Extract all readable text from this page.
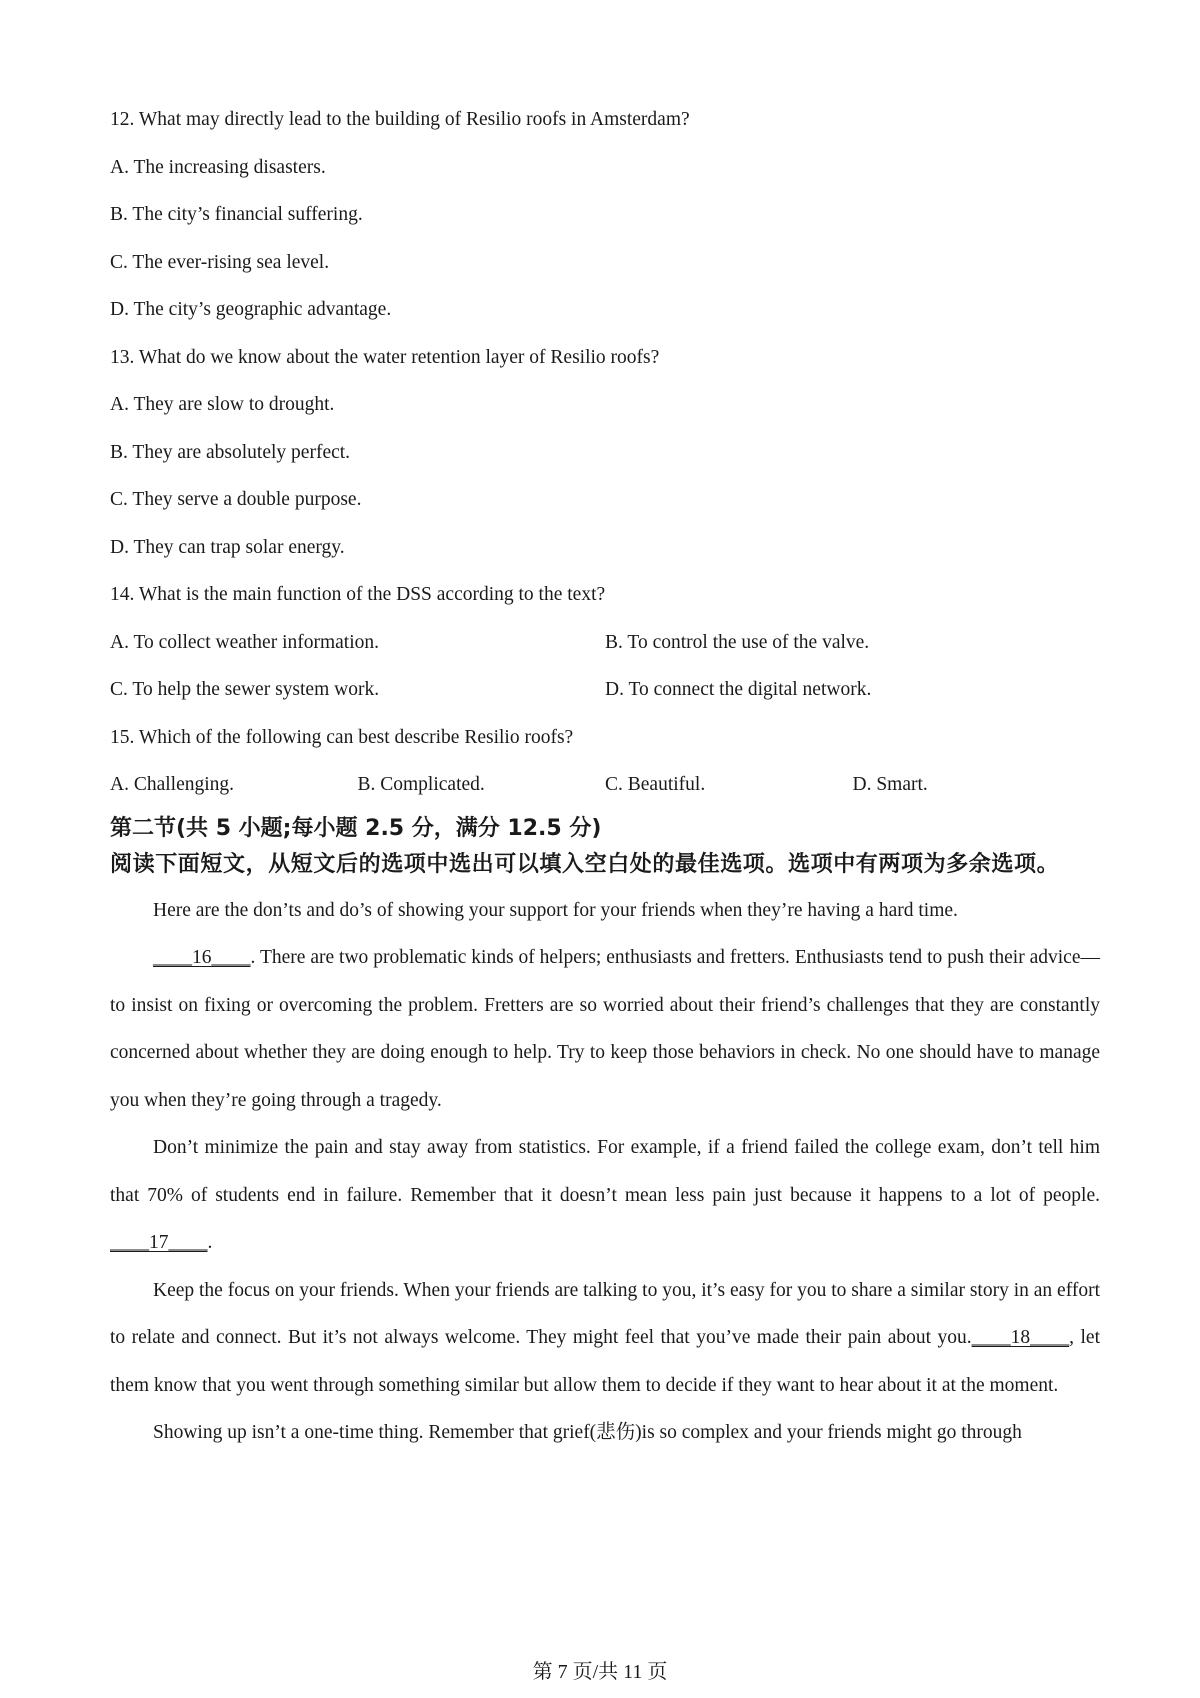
12. What may directly lead to the building of Resilio roofs in Amsterdam?
A. The increasing disasters.
B. The city’s financial suffering.
C. The ever-rising sea level.
D. The city’s geographic advantage.
13. What do we know about the water retention layer of Resilio roofs?
A. They are slow to drought.
B. They are absolutely perfect.
C. They serve a double purpose.
D. They can trap solar energy.
14. What is the main function of the DSS according to the text?
A. To collect weather information.	B. To control the use of the valve.
C. To help the sewer system work.	D. To connect the digital network.
15. Which of the following can best describe Resilio roofs?
A. Challenging.	B. Complicated.	C. Beautiful.	D. Smart.
第二节(共 5 小题;每小题 2.5 分，满分 12.5 分)
阅读下面短文，从短文后的选项中选出可以填入空白处的最佳选项。选项中有两项为多余选项。
Here are the don’ts and do’s of showing your support for your friends when they’re having a hard time.
____16____. There are two problematic kinds of helpers; enthusiasts and fretters. Enthusiasts tend to push their advice—to insist on fixing or overcoming the problem. Fretters are so worried about their friend’s challenges that they are constantly concerned about whether they are doing enough to help. Try to keep those behaviors in check. No one should have to manage you when they’re going through a tragedy.
Don’t minimize the pain and stay away from statistics. For example, if a friend failed the college exam, don’t tell him that 70% of students end in failure. Remember that it doesn’t mean less pain just because it happens to a lot of people. ____17____.
Keep the focus on your friends. When your friends are talking to you, it’s easy for you to share a similar story in an effort to relate and connect. But it’s not always welcome. They might feel that you’ve made their pain about you.____18____, let them know that you went through something similar but allow them to decide if they want to hear about it at the moment.
Showing up isn’t a one-time thing. Remember that grief(悲伤)is so complex and your friends might go through
第 7 页/共 11 页
